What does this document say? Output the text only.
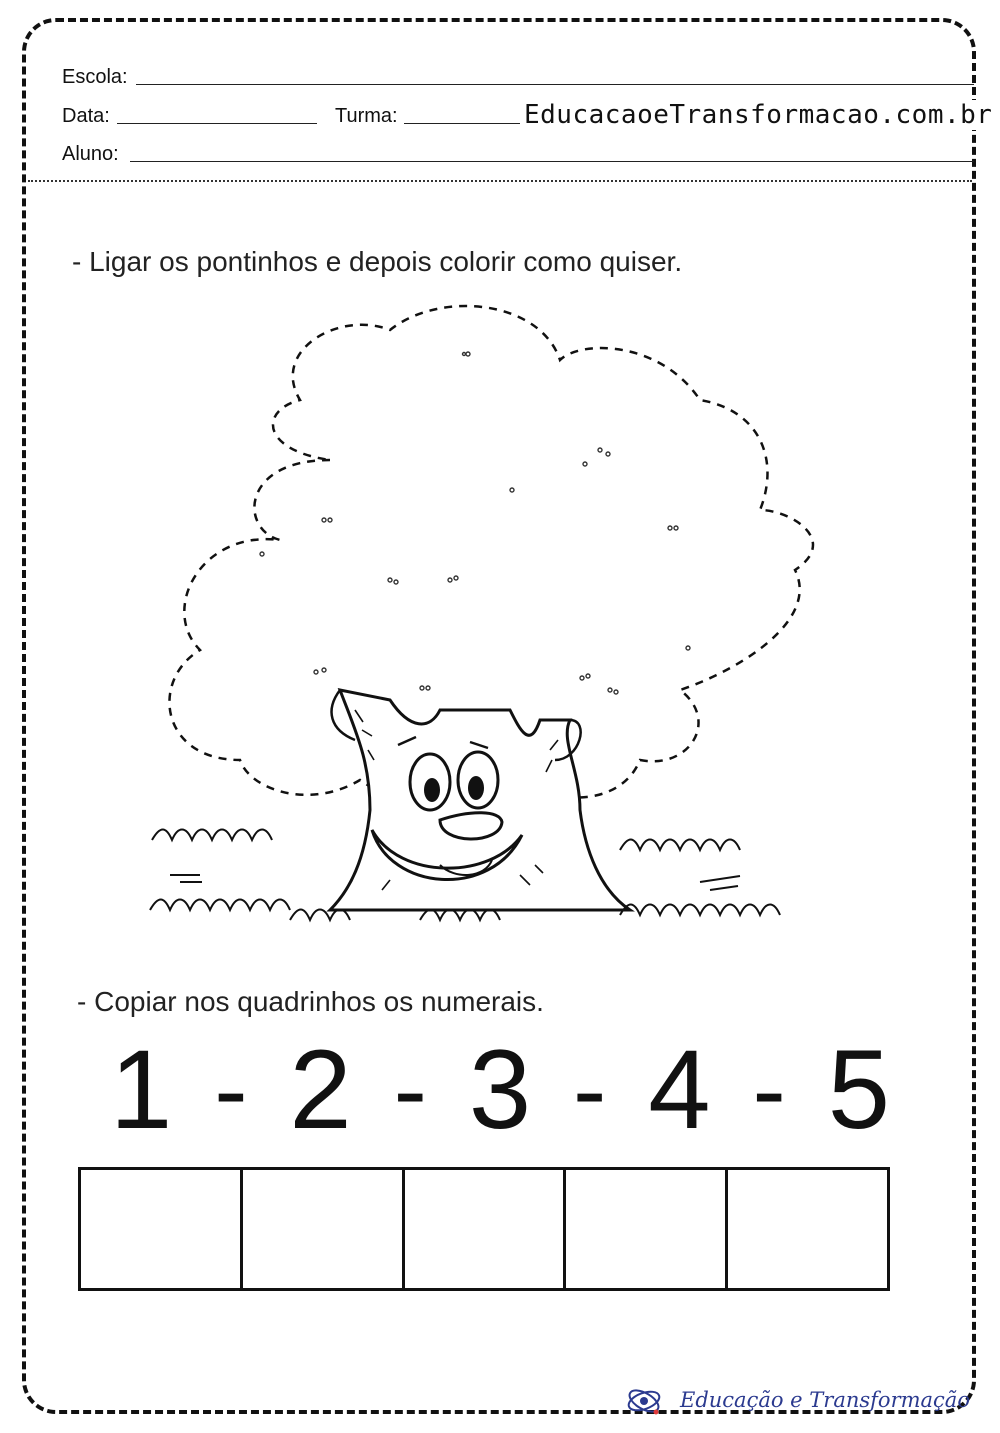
Escola:
Data:	Turma:	EducacaoeTransformacao.com.br
Aluno:
- Ligar os pontinhos e depois colorir como quiser.
- Copiar nos quadrinhos os numerais.
1 - 2 - 3 - 4 - 5
Educação e Transformação
